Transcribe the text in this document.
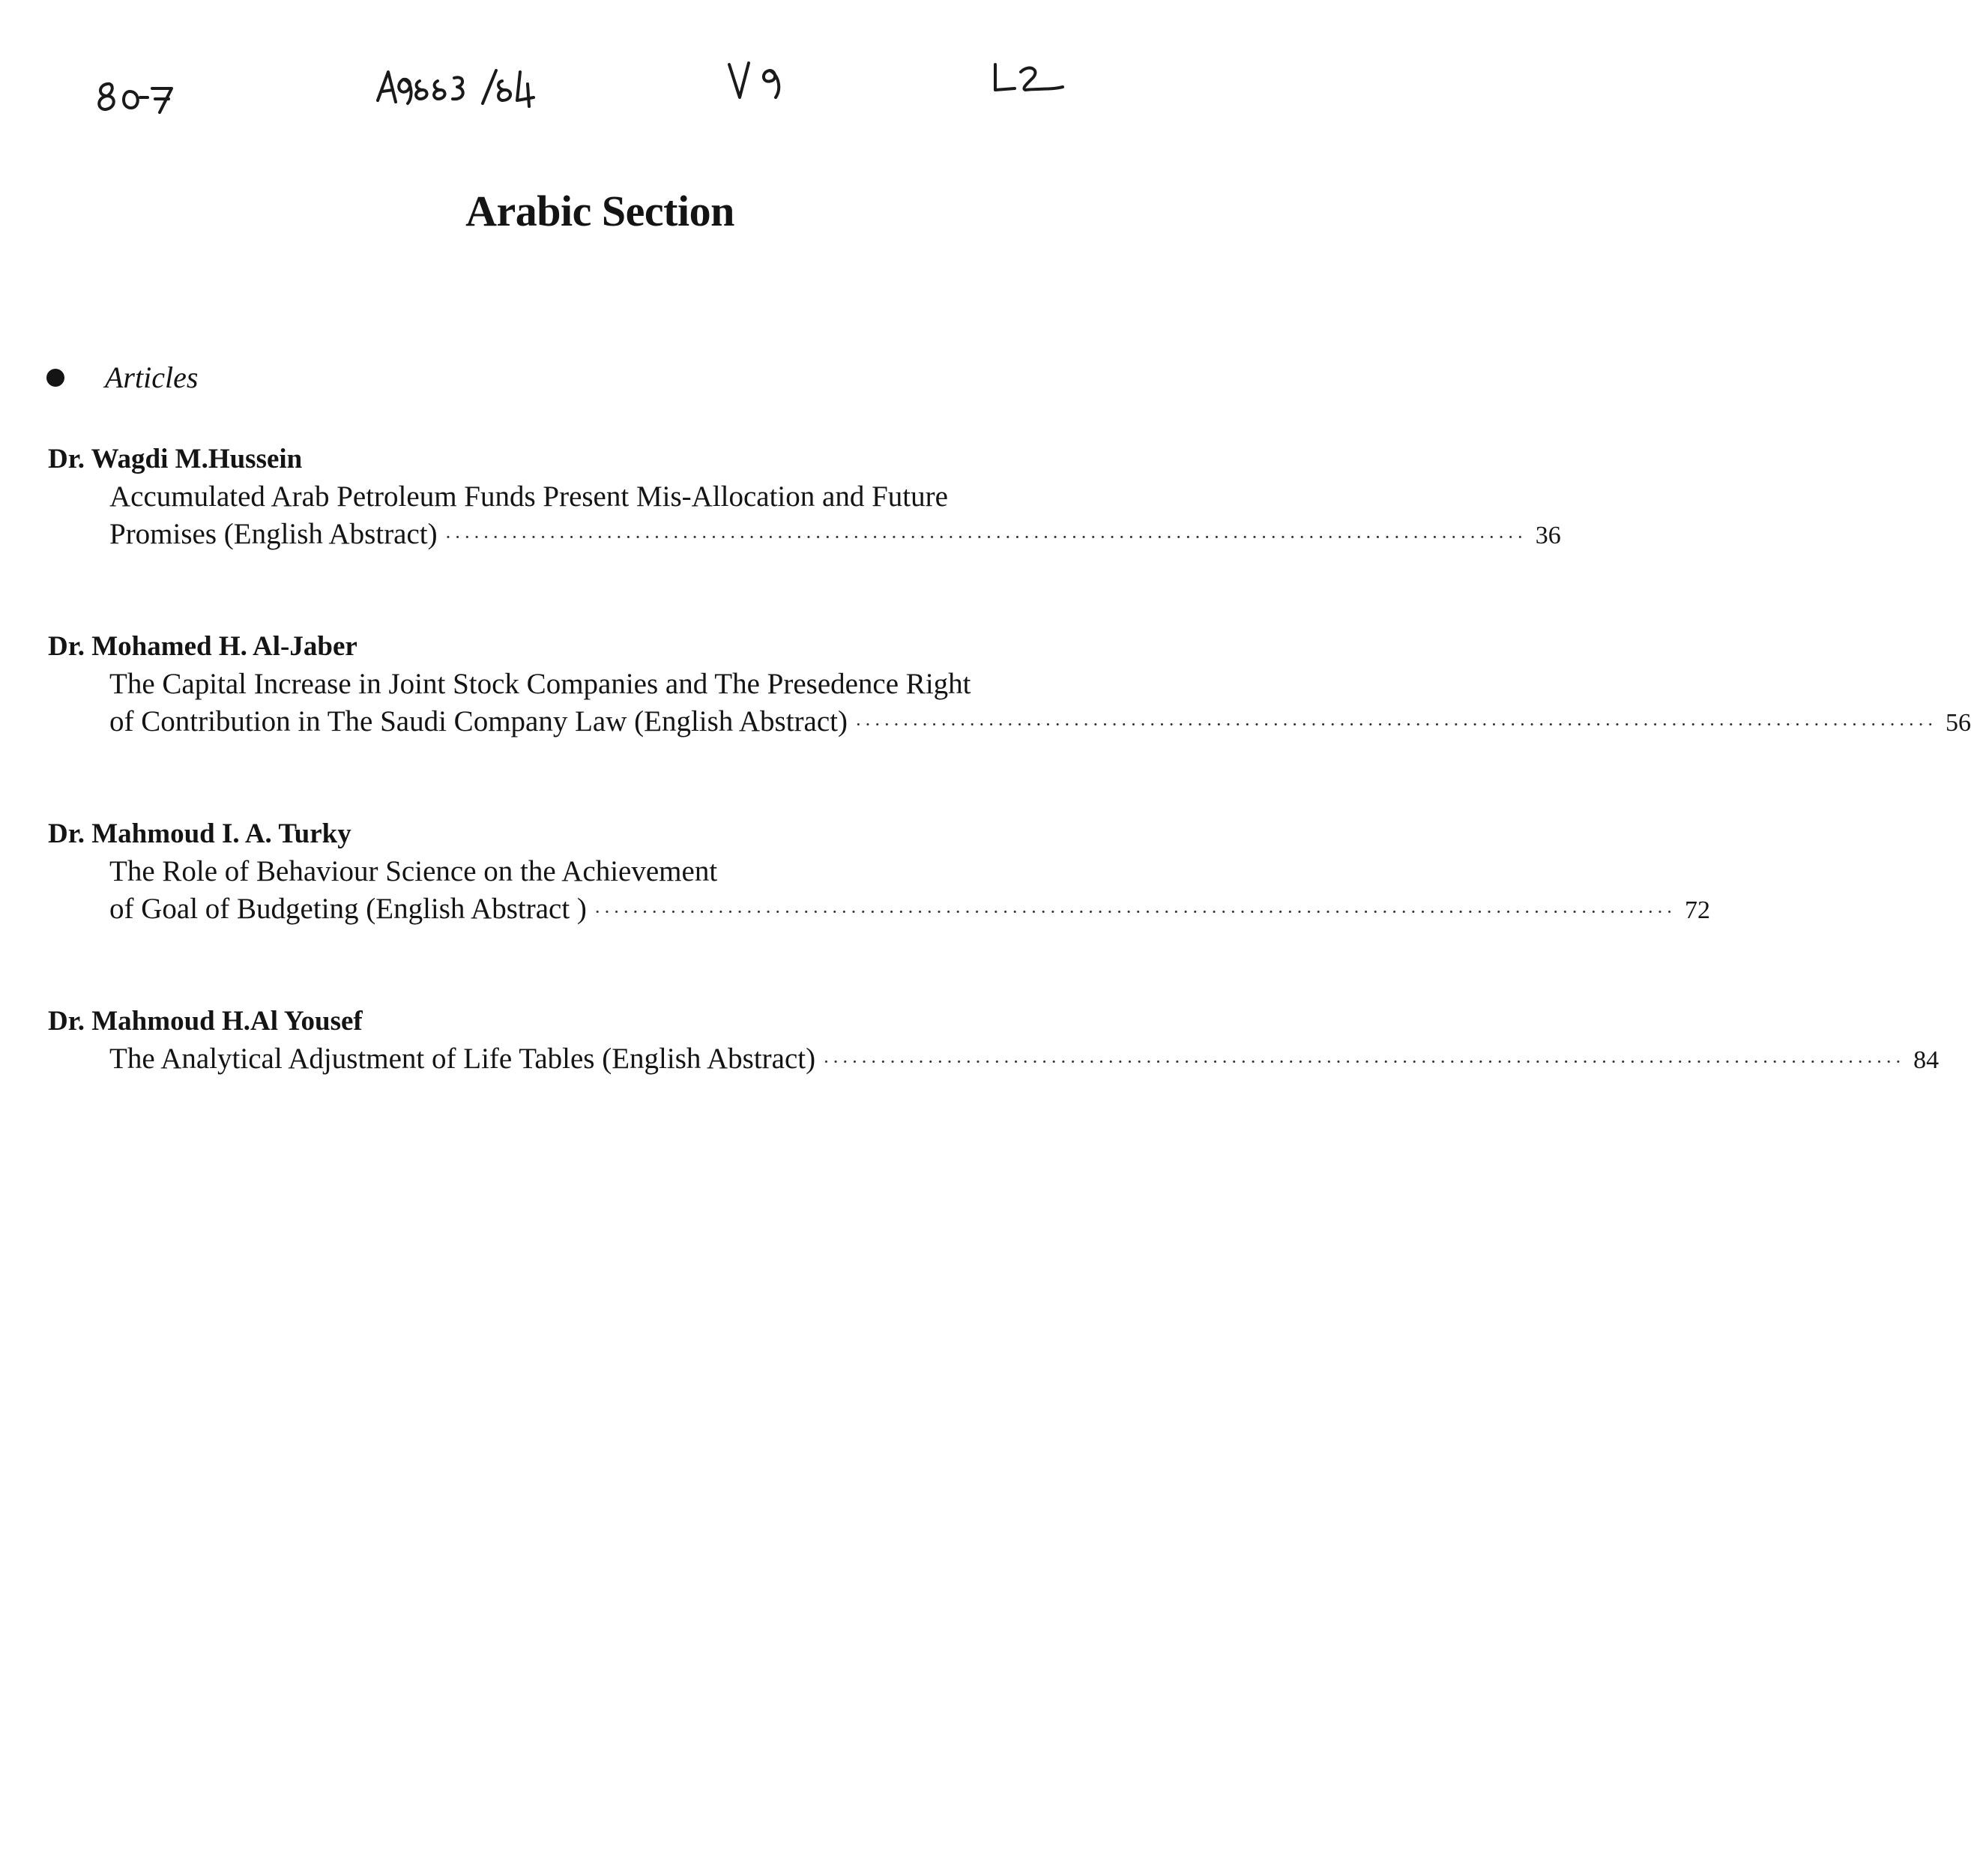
Arabic Section
Articles
Dr. Wagdi M.Hussein
Accumulated Arab Petroleum Funds Present Mis-Allocation and Future
Promises (English Abstract) ·················································································································· 36
Dr. Mohamed H. Al-Jaber
The Capital Increase in Joint Stock Companies and The Presedence Right
of Contribution in The Saudi Company Law (English Abstract) ·················································································································· 56
Dr. Mahmoud I. A. Turky
The Role of Behaviour Science on the Achievement
of Goal of Budgeting (English Abstract ) ·················································································································· 72
Dr. Mahmoud H.Al Yousef
The Analytical Adjustment of Life Tables (English Abstract) ·················································································································· 84
